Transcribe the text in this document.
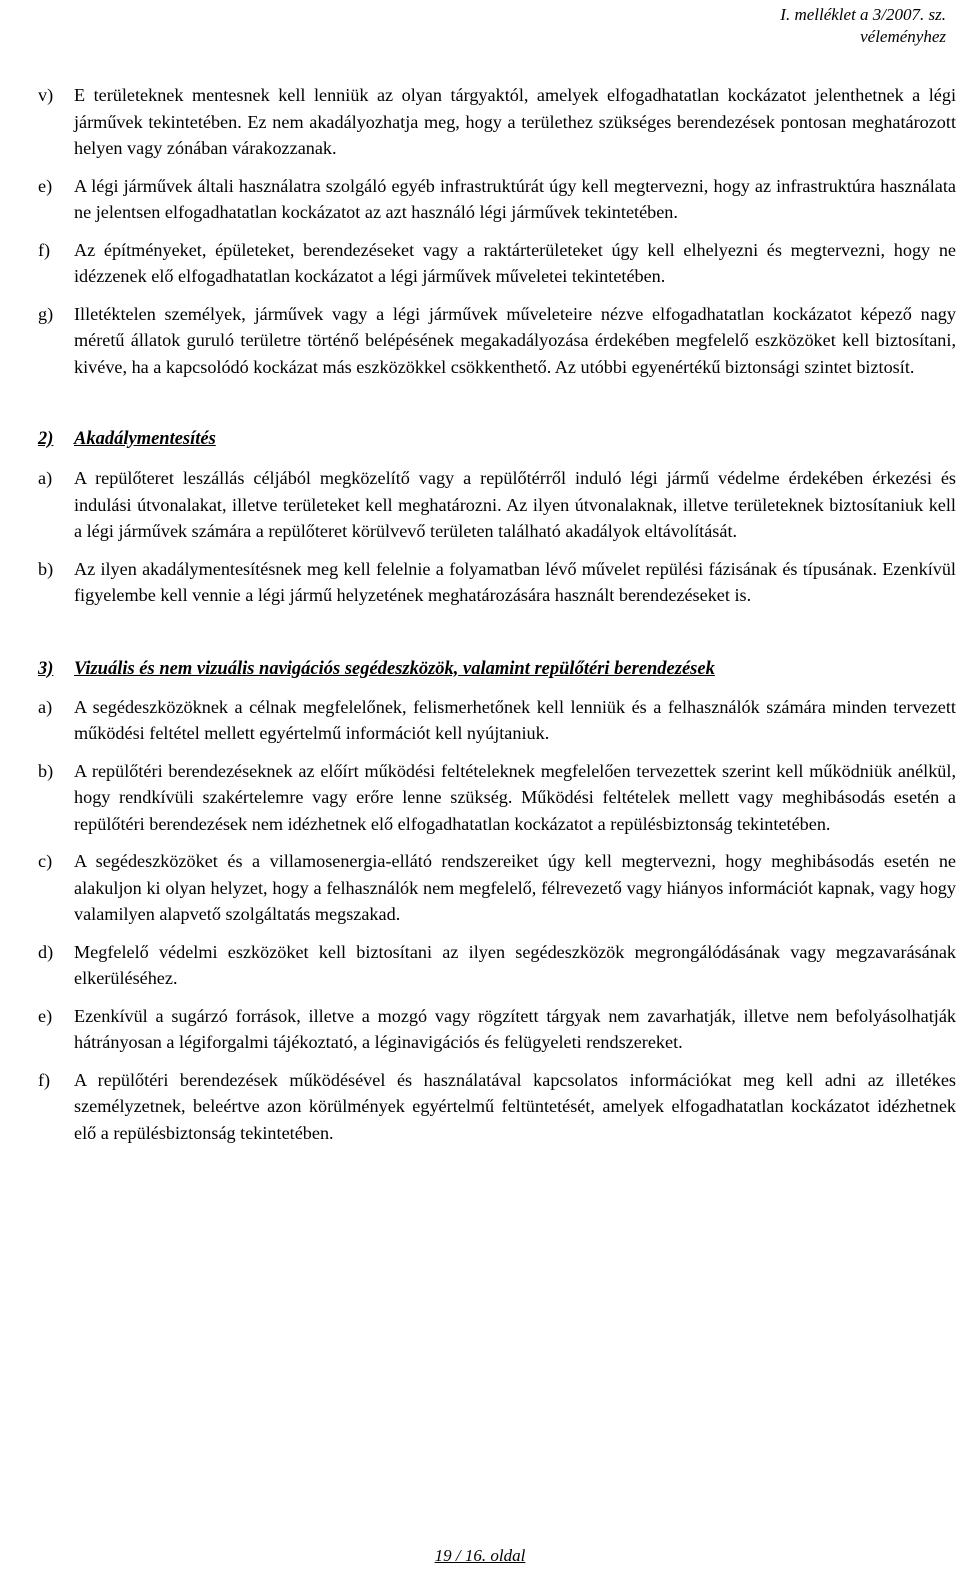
I. melléklet a 3/2007. sz.
véleményhez
v)	E területeknek mentesnek kell lenniük az olyan tárgyaktól, amelyek elfogadhatatlan kockázatot jelenthetnek a légi járművek tekintetében. Ez nem akadályozhatja meg, hogy a területhez szükséges berendezések pontosan meghatározott helyen vagy zónában várakozzanak.
e)	A légi járművek általi használatra szolgáló egyéb infrastruktúrát úgy kell megtervezni, hogy az infrastruktúra használata ne jelentsen elfogadhatatlan kockázatot az azt használó légi járművek tekintetében.
f)	Az építményeket, épületeket, berendezéseket vagy a raktárterületeket úgy kell elhelyezni és megtervezni, hogy ne idézzenek elő elfogadhatatlan kockázatot a légi járművek műveletei tekintetében.
g)	Illetéktelen személyek, járművek vagy a légi járművek műveleteire nézve elfogadhatatlan kockázatot képező nagy méretű állatok guruló területre történő belépésének megakadályozása érdekében megfelelő eszközöket kell biztosítani, kivéve, ha a kapcsolódó kockázat más eszközökkel csökkenthető. Az utóbbi egyenértékű biztonsági szintet biztosít.
2)	Akadálymentesítés
a)	A repülőteret leszállás céljából megközelítő vagy a repülőtérről induló légi jármű védelme érdekében érkezési és indulási útvonalakat, illetve területeket kell meghatározni. Az ilyen útvonalaknak, illetve területeknek biztosítaniuk kell a légi járművek számára a repülőteret körülvevő területen található akadályok eltávolítását.
b)	Az ilyen akadálymentesítésnek meg kell felelnie a folyamatban lévő művelet repülési fázisának és típusának. Ezenkívül figyelembe kell vennie a légi jármű helyzetének meghatározására használt berendezéseket is.
3)	Vizuális és nem vizuális navigációs segédeszközök, valamint repülőtéri berendezések
a)	A segédeszközöknek a célnak megfelelőnek, felismerhetőnek kell lenniük és a felhasználók számára minden tervezett működési feltétel mellett egyértelmű információt kell nyújtaniuk.
b)	A repülőtéri berendezéseknek az előírt működési feltételeknek megfelelően tervezettek szerint kell működniük anélkül, hogy rendkívüli szakértelemre vagy erőre lenne szükség. Működési feltételek mellett vagy meghibásodás esetén a repülőtéri berendezések nem idézhetnek elő elfogadhatatlan kockázatot a repülésbiztonság tekintetében.
c)	A segédeszközöket és a villamosenergia-ellátó rendszereiket úgy kell megtervezni, hogy meghibásodás esetén ne alakuljon ki olyan helyzet, hogy a felhasználók nem megfelelő, félrevezető vagy hiányos információt kapnak, vagy hogy valamilyen alapvető szolgáltatás megszakad.
d)	Megfelelő védelmi eszközöket kell biztosítani az ilyen segédeszközök megrongálódásának vagy megzavarásának elkerüléséhez.
e)	Ezenkívül a sugárzó források, illetve a mozgó vagy rögzített tárgyak nem zavarhatják, illetve nem befolyásolhatják hátrányosan a légiforgalmi tájékoztató, a léginavigációs és felügyeleti rendszereket.
f)	A repülőtéri berendezések működésével és használatával kapcsolatos információkat meg kell adni az illetékes személyzetnek, beleértve azon körülmények egyértelmű feltüntetését, amelyek elfogadhatatlan kockázatot idézhetnek elő a repülésbiztonság tekintetében.
19 / 16. oldal
